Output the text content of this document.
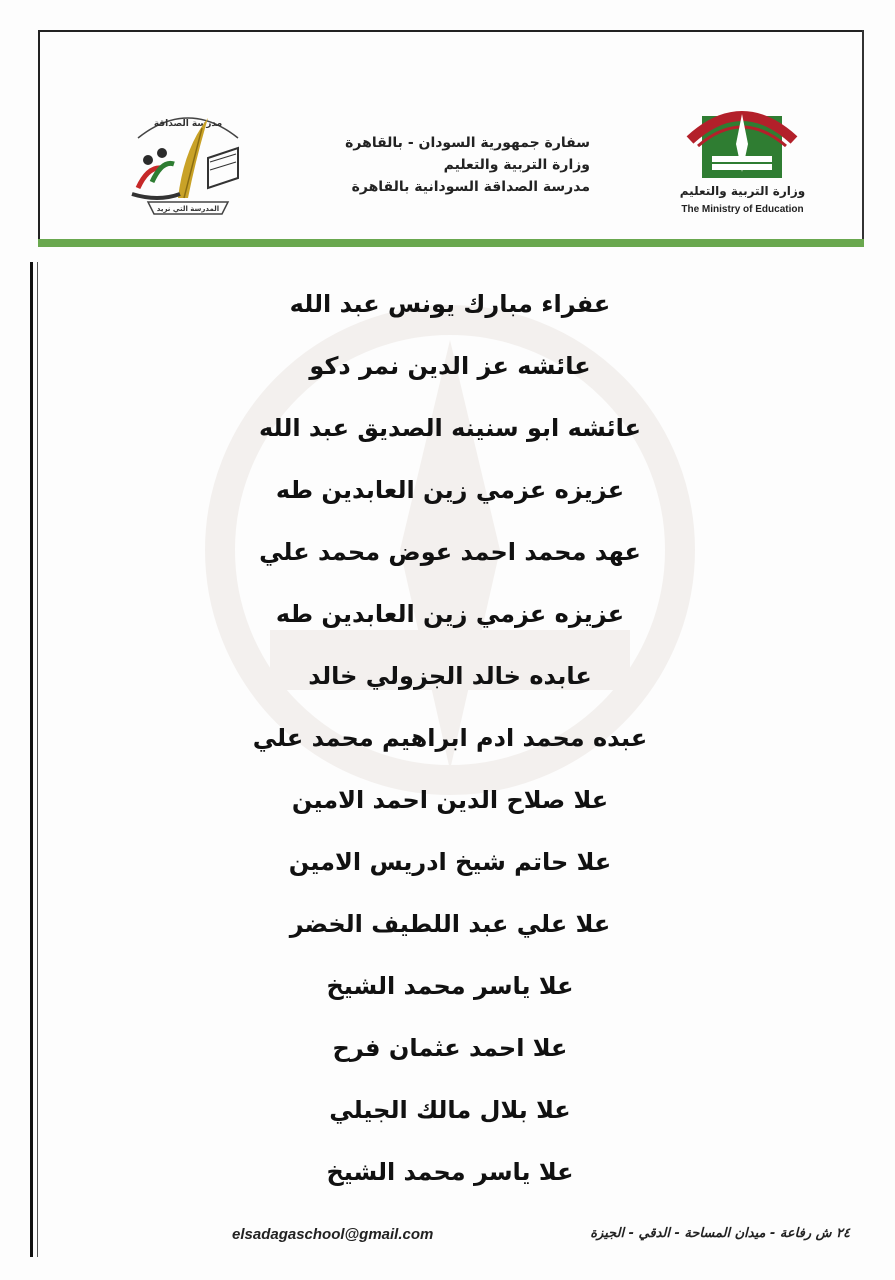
مدرسة الصداقة
المدرسة التي نريد
سفارة جمهورية السودان - بالقاهرة
وزارة التربية والتعليم
مدرسة الصداقة السودانية بالقاهرة	وزارة التربية والتعليم
The Ministry of Education
عفراء مبارك يونس عبد الله
عائشه عز الدين نمر دكو
عائشه ابو سنينه الصديق عبد الله
عزيزه عزمي زين العابدين طه
عهد محمد احمد عوض محمد علي
عزيزه عزمي زين العابدين طه
عابده خالد الجزولي خالد
عبده محمد ادم ابراهيم محمد علي
علا صلاح الدين احمد الامين
علا حاتم شيخ ادريس الامين
علا علي عبد اللطيف الخضر
علا ياسر محمد الشيخ
علا احمد عثمان فرح
علا بلال مالك الجيلي
علا ياسر محمد الشيخ
elsadagaschool@gmail.com	٢٤ ش رفاعة - ميدان المساحة - الدقي - الجيزة
